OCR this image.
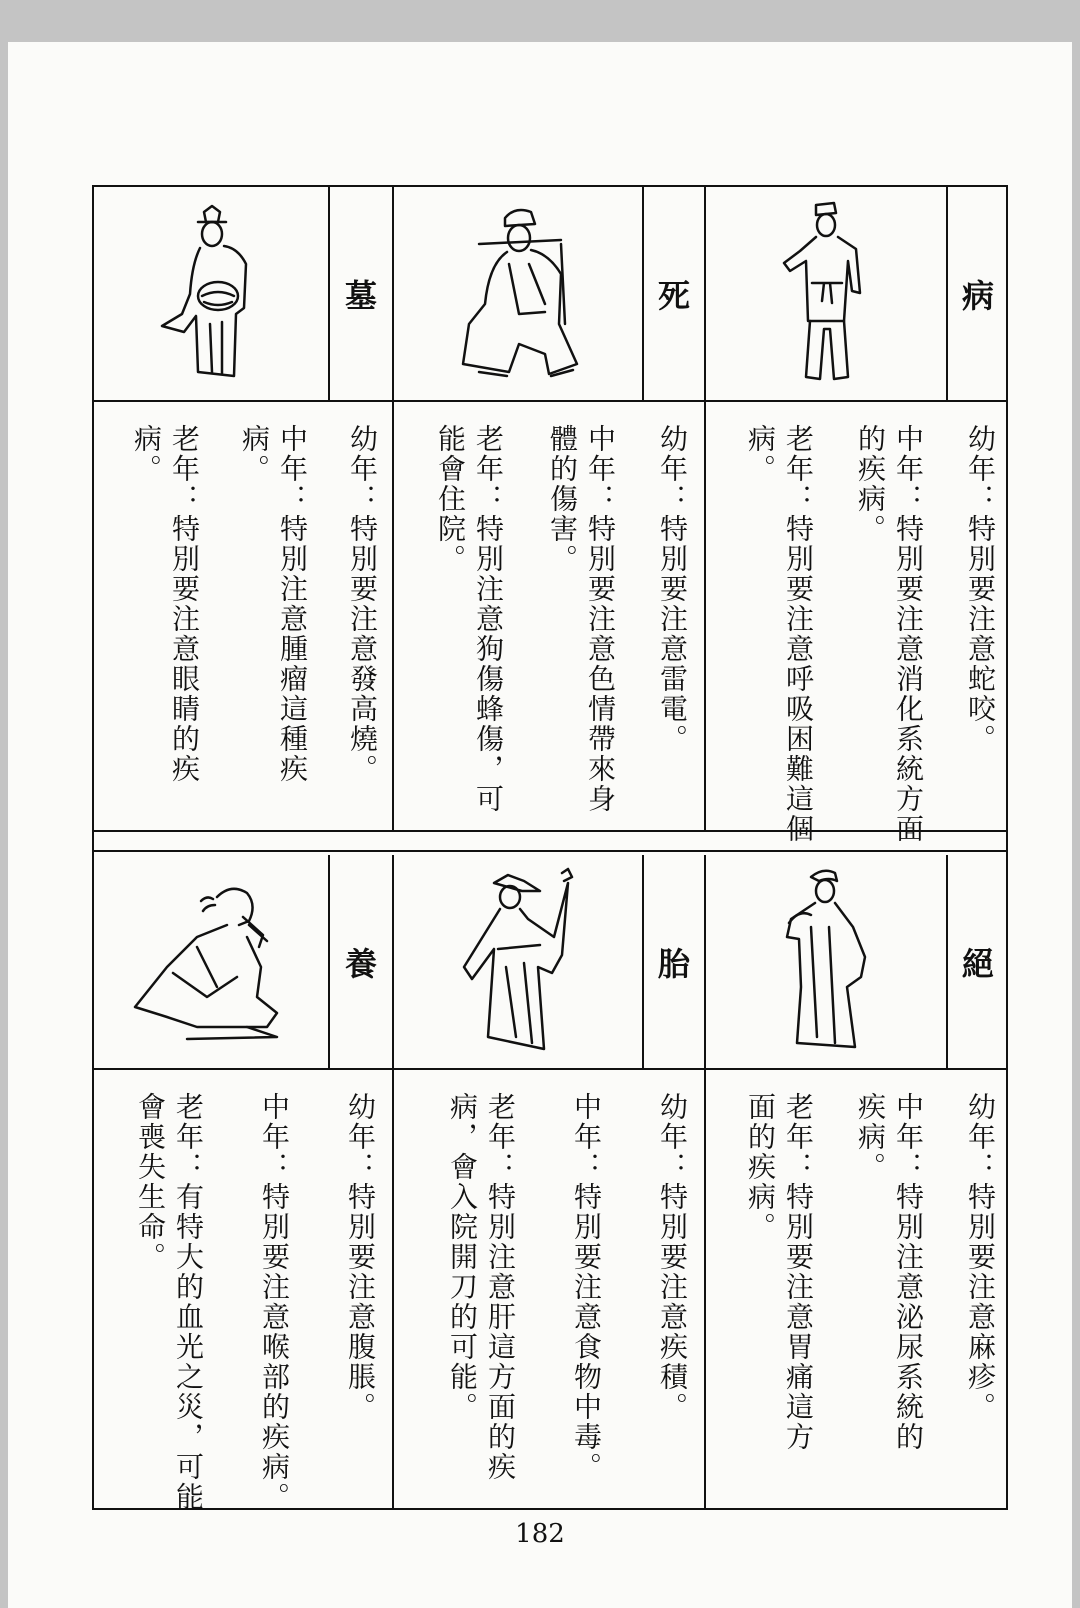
墓
幼年：特別要注意發高燒。
中年：特別注意腫瘤這種疾
病。
老年：特別要注意眼睛的疾
病。
死
幼年：特別要注意雷電。
中年：特別要注意色情帶來身
體的傷害。
老年：特別注意狗傷蜂傷，可
能會住院。
病
幼年：特別要注意蛇咬。
中年：特別要注意消化系統方面
的疾病。
老年：特別要注意呼吸困難這個
病。
養
幼年：特別要注意腹脹。
中年：特別要注意喉部的疾病。
老年：有特大的血光之災，可能
會喪失生命。
胎
幼年：特別要注意疾積。
中年：特別要注意食物中毒。
老年：特別注意肝這方面的疾
病，會入院開刀的可能。
絕
幼年：特別要注意麻疹。
中年：特別注意泌尿系統的
疾病。
老年：特別要注意胃痛這方
面的疾病。
182
